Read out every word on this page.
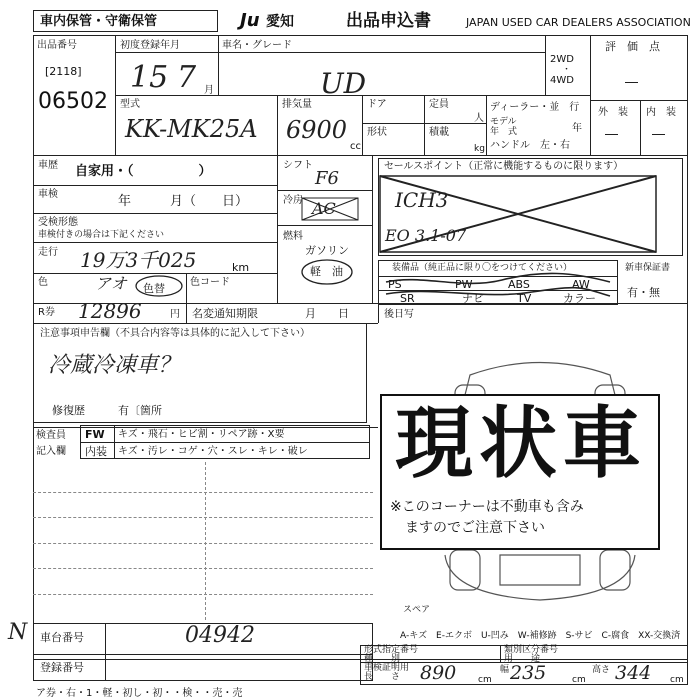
車内保管・守衛保管	Ju 愛知	出品申込書	JAPAN USED CAR DEALERS ASSOCIATION
出品番号
[2118]
06502
初度登録年月
15 7 月
車名・グレード
UD
2WD
・
4WD
評　価　点
―
外　装 内　装
―	―
型式
KK-MK25A
排気量
6900
cc
ドア
形状
定員
人
積載
kg
ディーラー・並　行
モデル
年　式	年
ハンドル　左・右
車歴 自家用・（　　　　　）
車検	年　　　月（　　日）
受検形態
車検付きの場合は下記ください
走行 19万3千025	km
色	アオ 色替	色コード
シフト
F6
冷房 AC
燃料
ガソリン
軽　油
セールスポイント（正常に機能するものに限ります）
ICH3
EO 3.1-07
装備品（純正品に限り〇をつけてください）
PS	PW	ABS	AW
SR	ナビ	TV	カラー
新車保証書
有・無
R券 12896	円 名変通知期限	月　　日	後日写
注意事項申告欄（不具合内容等は具体的に記入して下さい）
冷蔵冷凍車？
修復歴	有〔箇所
検査員
記入欄
FW キズ・飛石・ヒビ割・リペア跡・X要
内装 キズ・汚レ・コゲ・穴・スレ・キレ・破レ 現状車
※このコーナーは不動車も含み
ますのでご注意下さい
スペア
A-キズ　E-エクボ　U-凹み　W-補修跡　S-サビ　C-腐食　XX-交換済
N 車台番号	04942
登録番号
形式指定番号
種　　別
類別区分番号
用　　途
車検証明用
長　　さ	890 cm
幅 235	cm
高さ 344 cm
ア券・右・1・軽・初し・初・・検・・売・売
